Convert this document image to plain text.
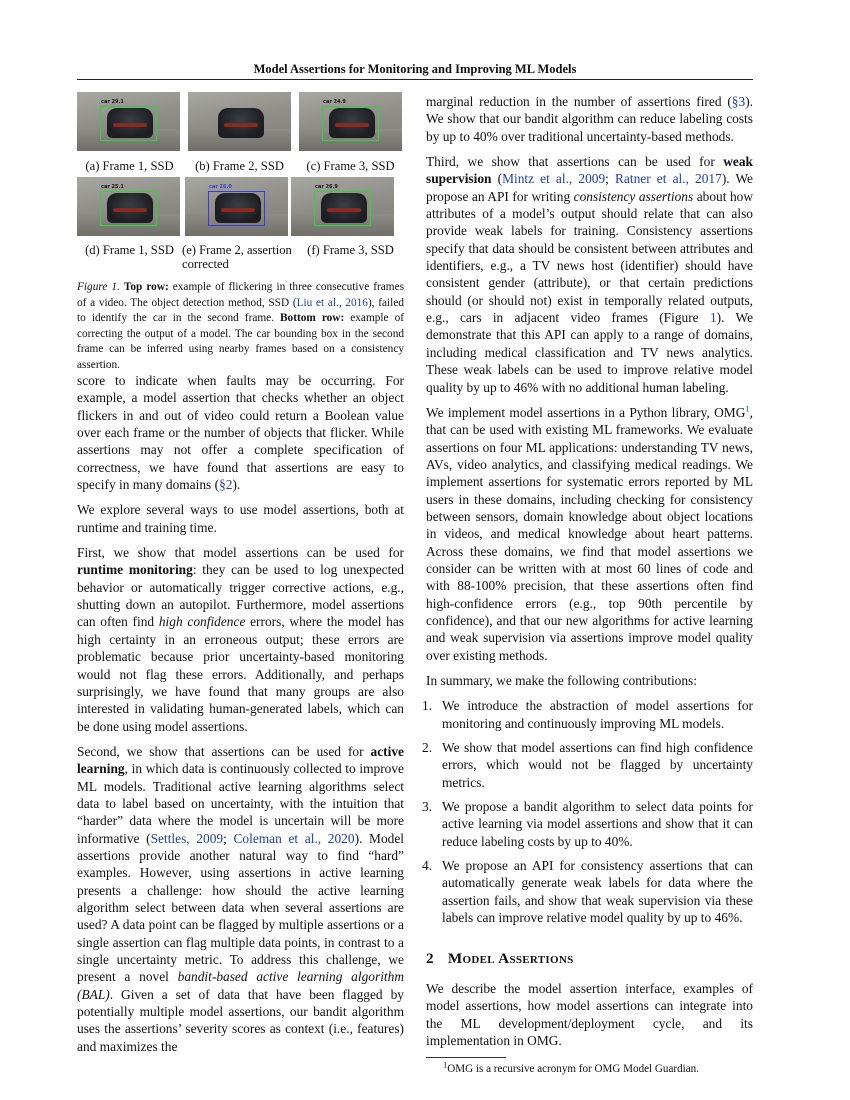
Model Assertions for Monitoring and Improving ML Models
car 29.1	car 24.9
(a) Frame 1, SSD	(b) Frame 2, SSD	(c) Frame 3, SSD
car 25.1	car 26.0	car 26.9
(d) Frame 1, SSD (e) Frame 2, assertion
corrected
(f) Frame 3, SSD
Figure 1. Top row: example of flickering in three consecutive frames of a video. The object detection method, SSD (Liu et al., 2016), failed to identify the car in the second frame. Bottom row: example of correcting the output of a model. The car bounding box in the second frame can be inferred using nearby frames based on a consistency assertion.

score to indicate when faults may be occurring. For example, a model assertion that checks whether an object flickers in and out of video could return a Boolean value over each frame or the number of objects that flicker. While assertions may not offer a complete specification of correctness, we have found that assertions are easy to specify in many domains (§2).

We explore several ways to use model assertions, both at runtime and training time.

First, we show that model assertions can be used for runtime monitoring: they can be used to log unexpected behavior or automatically trigger corrective actions, e.g., shutting down an autopilot. Furthermore, model assertions can often find high confidence errors, where the model has high certainty in an erroneous output; these errors are problematic because prior uncertainty-based monitoring would not flag these errors. Additionally, and perhaps surprisingly, we have found that many groups are also interested in validating human-generated labels, which can be done using model assertions.

Second, we show that assertions can be used for active learning, in which data is continuously collected to improve ML models. Traditional active learning algorithms select data to label based on uncertainty, with the intuition that “harder” data where the model is uncertain will be more informative (Settles, 2009; Coleman et al., 2020). Model assertions provide another natural way to find “hard” examples. However, using assertions in active learning presents a challenge: how should the active learning algorithm select between data when several assertions are used? A data point can be flagged by multiple assertions or a single assertion can flag multiple data points, in contrast to a single uncertainty metric. To address this challenge, we present a novel bandit-based active learning algorithm (BAL). Given a set of data that have been flagged by potentially multiple model assertions, our bandit algorithm uses the assertions’ severity scores as context (i.e., features) and maximizes the

marginal reduction in the number of assertions fired (§3). We show that our bandit algorithm can reduce labeling costs by up to 40% over traditional uncertainty-based methods.

Third, we show that assertions can be used for weak supervision (Mintz et al., 2009; Ratner et al., 2017). We propose an API for writing consistency assertions about how attributes of a model’s output should relate that can also provide weak labels for training. Consistency assertions specify that data should be consistent between attributes and identifiers, e.g., a TV news host (identifier) should have consistent gender (attribute), or that certain predictions should (or should not) exist in temporally related outputs, e.g., cars in adjacent video frames (Figure 1). We demonstrate that this API can apply to a range of domains, including medical classification and TV news analytics. These weak labels can be used to improve relative model quality by up to 46% with no additional human labeling.

We implement model assertions in a Python library, OMG$^1$, that can be used with existing ML frameworks. We evaluate assertions on four ML applications: understanding TV news, AVs, video analytics, and classifying medical readings. We implement assertions for systematic errors reported by ML users in these domains, including checking for consistency between sensors, domain knowledge about object locations in videos, and medical knowledge about heart patterns. Across these domains, we find that model assertions we consider can be written with at most 60 lines of code and with 88-100% precision, that these assertions often find high-confidence errors (e.g., top 90th percentile by confidence), and that our new algorithms for active learning and weak supervision via assertions improve model quality over existing methods.

In summary, we make the following contributions:

1. We introduce the abstraction of model assertions for monitoring and continuously improving ML models.
2. We show that model assertions can find high confidence errors, which would not be flagged by uncertainty metrics.
3. We propose a bandit algorithm to select data points for active learning via model assertions and show that it can reduce labeling costs by up to 40%.
4. We propose an API for consistency assertions that can automatically generate weak labels for data where the assertion fails, and show that weak supervision via these labels can improve relative model quality by up to 46%.
2 Model Assertions

We describe the model assertion interface, examples of model assertions, how model assertions can integrate into the ML development/deployment cycle, and its implementation in OMG.

$^1$OMG is a recursive acronym for OMG Model Guardian.
